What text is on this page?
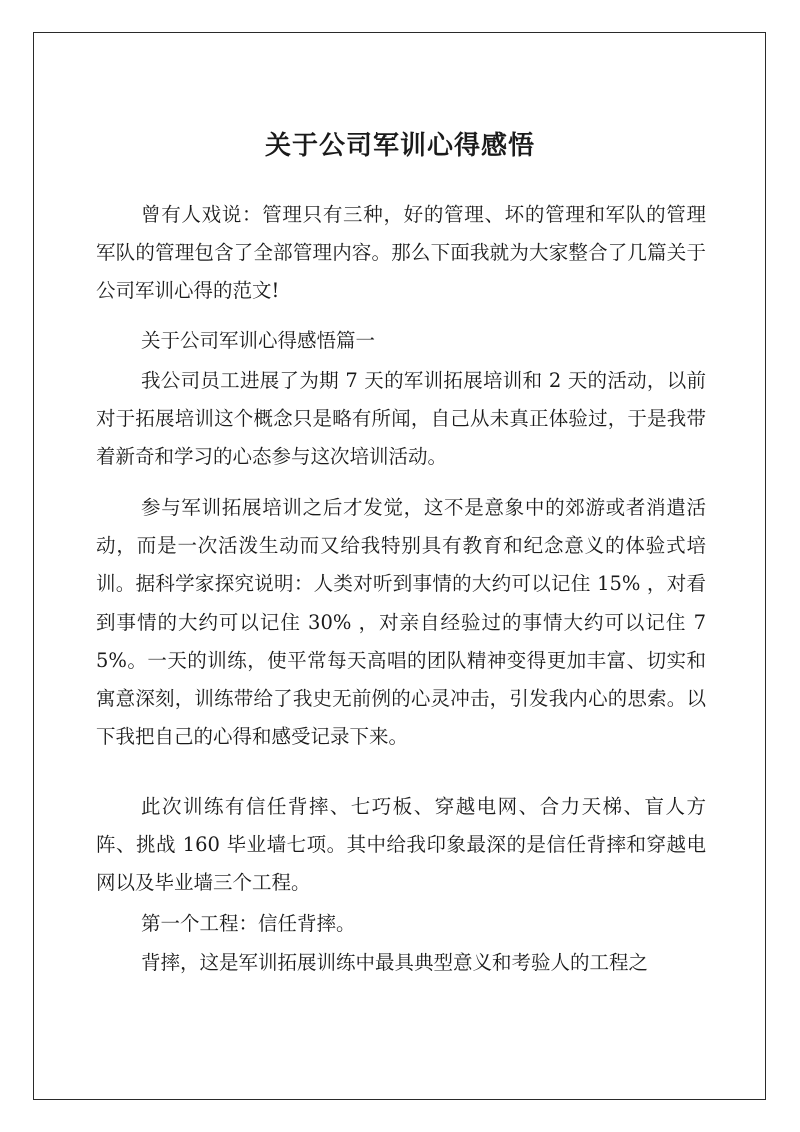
关于公司军训心得感悟

曾有人戏说：管理只有三种，好的管理、坏的管理和军队的管理军队的管理包含了全部管理内容。那么下面我就为大家整合了几篇关于公司军训心得的范文!

关于公司军训心得感悟篇一

我公司员工进展了为期 7 天的军训拓展培训和 2 天的活动，以前对于拓展培训这个概念只是略有所闻，自己从未真正体验过，于是我带着新奇和学习的心态参与这次培训活动。

参与军训拓展培训之后才发觉，这不是意象中的郊游或者消遣活动，而是一次活泼生动而又给我特别具有教育和纪念意义的体验式培训。据科学家探究说明：人类对听到事情的大约可以记住 15% ，对看到事情的大约可以记住 30% ，对亲自经验过的事情大约可以记住 75%。一天的训练，使平常每天高唱的团队精神变得更加丰富、切实和寓意深刻，训练带给了我史无前例的心灵冲击，引发我内心的思索。以下我把自己的心得和感受记录下来。

此次训练有信任背摔、七巧板、穿越电网、合力天梯、盲人方阵、挑战 160 毕业墙七项。其中给我印象最深的是信任背摔和穿越电网以及毕业墙三个工程。

第一个工程：信任背摔。

背摔，这是军训拓展训练中最具典型意义和考验人的工程之
